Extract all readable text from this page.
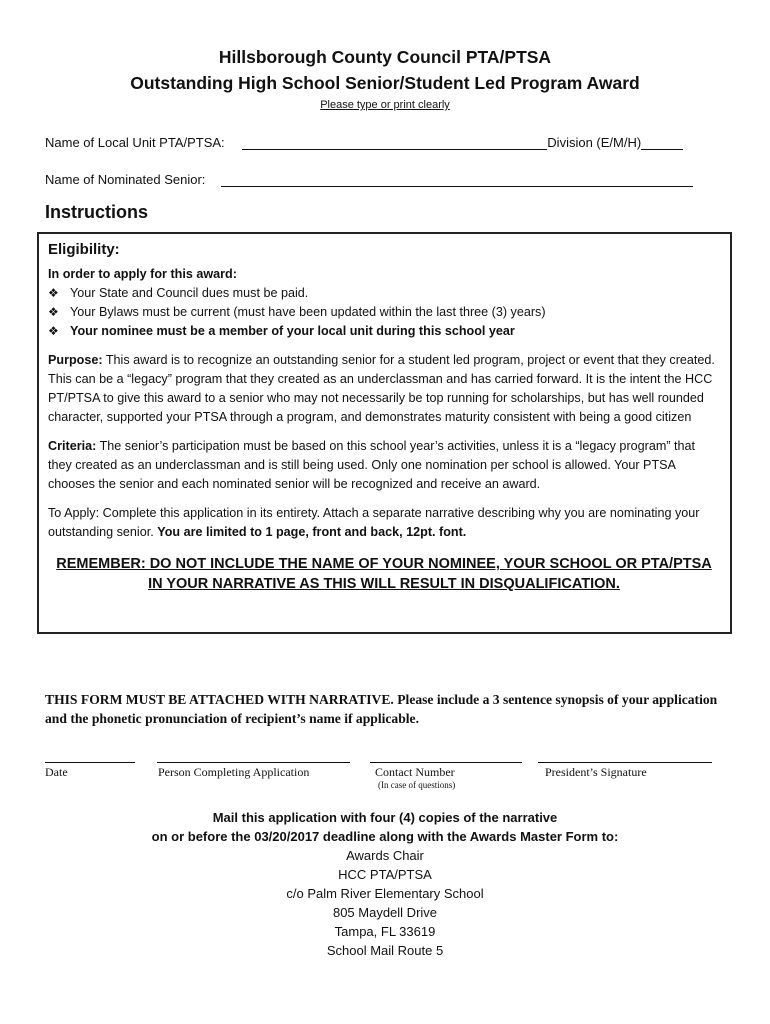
Hillsborough County Council PTA/PTSA
Outstanding High School Senior/Student Led Program Award
Please type or print clearly
Name of Local Unit PTA/PTSA:	Division (E/M/H)
Name of Nominated Senior:
Instructions
Eligibility:
In order to apply for this award:
❖ Your State and Council dues must be paid.
❖ Your Bylaws must be current (must have been updated within the last three (3) years)
❖ Your nominee must be a member of your local unit during this school year
Purpose: This award is to recognize an outstanding senior for a student led program, project or event that they created. This can be a “legacy” program that they created as an underclassman and has carried forward. It is the intent the HCC PT/PTSA to give this award to a senior who may not necessarily be top running for scholarships, but has well rounded character, supported your PTSA through a program, and demonstrates maturity consistent with being a good citizen
Criteria: The senior’s participation must be based on this school year’s activities, unless it is a “legacy program” that they created as an underclassman and is still being used. Only one nomination per school is allowed. Your PTSA chooses the senior and each nominated senior will be recognized and receive an award.
To Apply: Complete this application in its entirety. Attach a separate narrative describing why you are nominating your outstanding senior. You are limited to 1 page, front and back, 12pt. font.
REMEMBER: DO NOT INCLUDE THE NAME OF YOUR NOMINEE, YOUR SCHOOL OR PTA/PTSA
IN YOUR NARRATIVE AS THIS WILL RESULT IN DISQUALIFICATION.
THIS FORM MUST BE ATTACHED WITH NARRATIVE. Please include a 3 sentence synopsis of your application and the phonetic pronunciation of recipient’s name if applicable.
Date	Person Completing Application	Contact Number
(In case of questions)
President’s Signature
Mail this application with four (4) copies of the narrative
on or before the 03/20/2017 deadline along with the Awards Master Form to:
Awards Chair
HCC PTA/PTSA
c/o Palm River Elementary School
805 Maydell Drive
Tampa, FL 33619
School Mail Route 5
